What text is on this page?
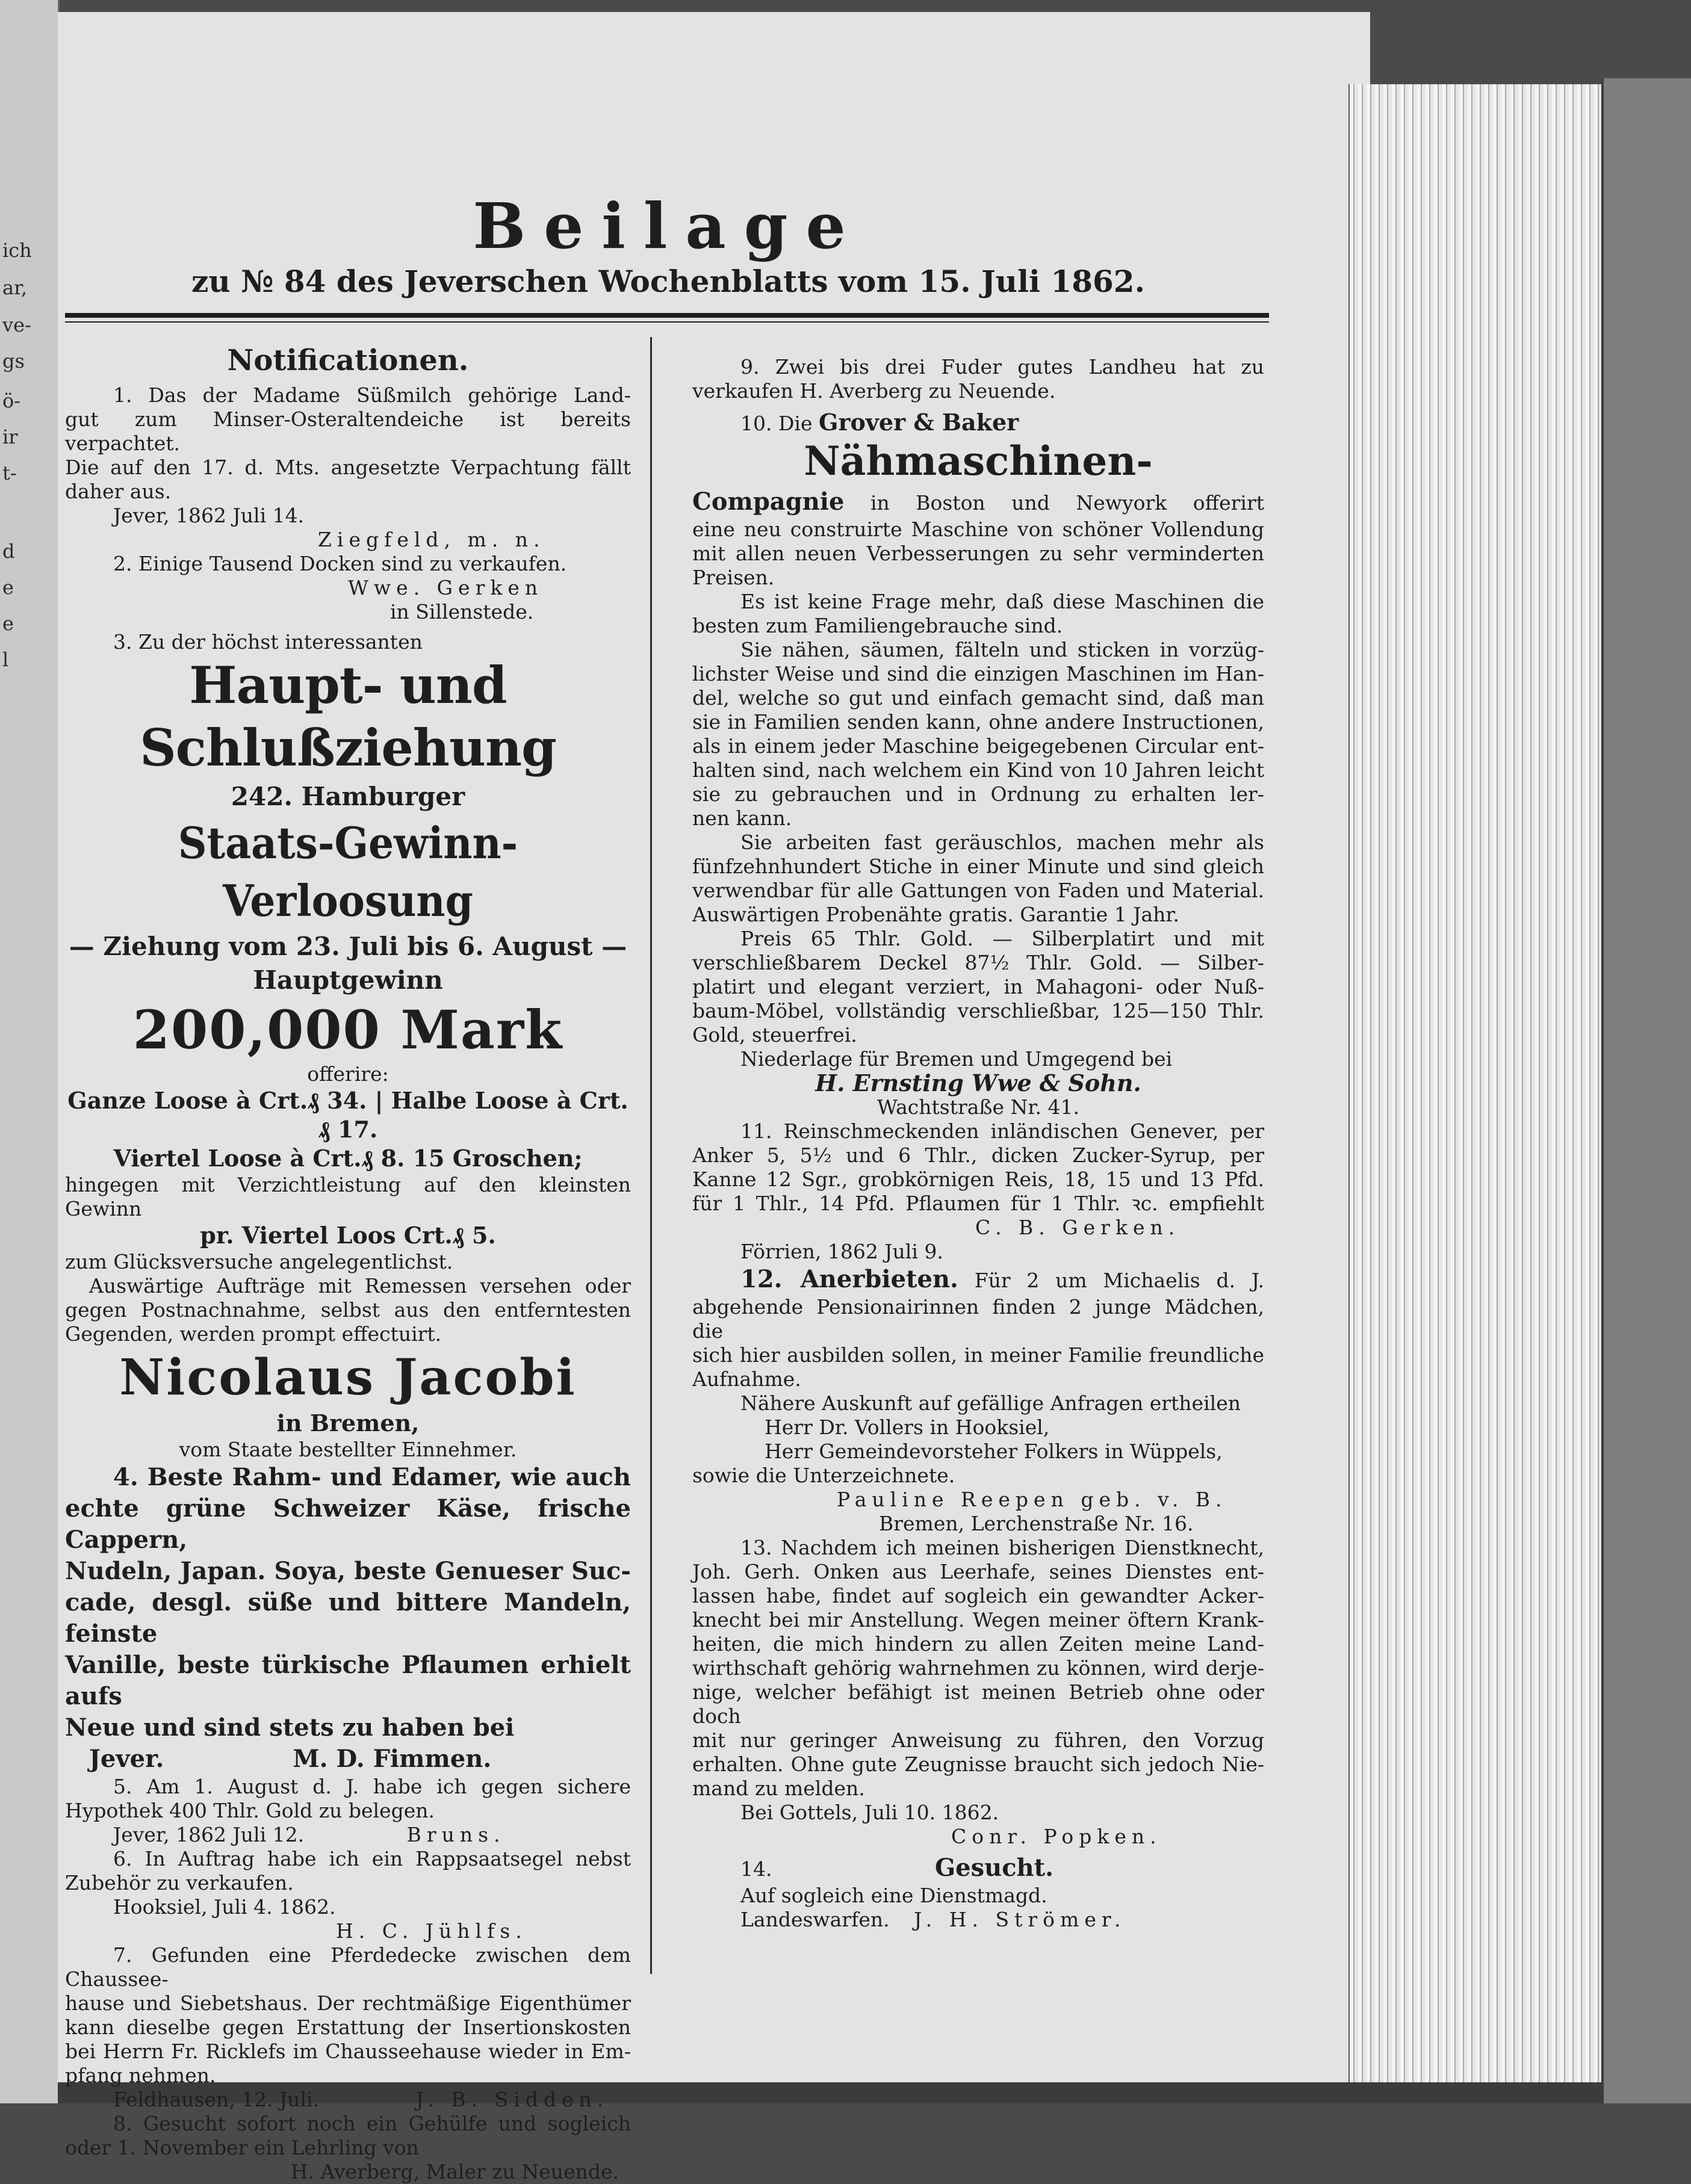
ich
ar,
ve-
gs
ö-
ir
t-
d
e
e
l
Beilage
zu № 84 des Jeverschen Wochenblatts vom 15. Juli 1862.

Notificationen.

1. Das der Madame Süßmilch gehörige Land-

gut zum Minser-Osteraltendeiche ist bereits verpachtet.

Die auf den 17. d. Mts. angesetzte Verpachtung fällt

daher aus.

Jever, 1862 Juli 14.

Ziegfeld, m. n.

2. Einige Tausend Docken sind zu verkaufen.

Wwe. Gerken

in Sillenstede.

3. Zu der höchst interessanten

Haupt- und Schlußziehung

242. Hamburger

Staats-Gewinn-Verloosung

— Ziehung vom 23. Juli bis 6. August —

Hauptgewinn

200,000 Mark

offerire:

Ganze Loose à Crt.₰ 34. | Halbe Loose à Crt.₰ 17.

Viertel Loose à Crt.₰ 8. 15 Groschen;

hingegen mit Verzichtleistung auf den kleinsten Gewinn

pr. Viertel Loos Crt.₰ 5.

zum Glücksversuche angelegentlichst.

Auswärtige Aufträge mit Remessen versehen oder

gegen Postnachnahme, selbst aus den entferntesten

Gegenden, werden prompt effectuirt.

Nicolaus Jacobi

in Bremen,

vom Staate bestellter Einnehmer.

4. Beste Rahm- und Edamer, wie auch

echte grüne Schweizer Käse, frische Cappern,

Nudeln, Japan. Soya, beste Genueser Suc-

cade, desgl. süße und bittere Mandeln, feinste

Vanille, beste türkische Pflaumen erhielt aufs

Neue und sind stets zu haben bei

Jever.	M. D. Fimmen.

5. Am 1. August d. J. habe ich gegen sichere

Hypothek 400 Thlr. Gold zu belegen.

Jever, 1862 Juli 12.	Bruns.

6. In Auftrag habe ich ein Rappsaatsegel nebst

Zubehör zu verkaufen.

Hooksiel, Juli 4. 1862.

H. C. Jühlfs.

7. Gefunden eine Pferdedecke zwischen dem Chaussee-

hause und Siebetshaus. Der rechtmäßige Eigenthümer

kann dieselbe gegen Erstattung der Insertionskosten

bei Herrn Fr. Ricklefs im Chausseehause wieder in Em-

pfang nehmen.

Feldhausen, 12. Juli.	J. B. Sidden.

8. Gesucht sofort noch ein Gehülfe und sogleich

oder 1. November ein Lehrling von

H. Averberg, Maler zu Neuende.

9. Zwei bis drei Fuder gutes Landheu hat zu

verkaufen H. Averberg zu Neuende.

10. Die Grover & Baker

Nähmaschinen-

Compagnie in Boston und Newyork offerirt

eine neu construirte Maschine von schöner Vollendung

mit allen neuen Verbesserungen zu sehr verminderten

Preisen.

Es ist keine Frage mehr, daß diese Maschinen die

besten zum Familiengebrauche sind.

Sie nähen, säumen, fälteln und sticken in vorzüg-

lichster Weise und sind die einzigen Maschinen im Han-

del, welche so gut und einfach gemacht sind, daß man

sie in Familien senden kann, ohne andere Instructionen,

als in einem jeder Maschine beigegebenen Circular ent-

halten sind, nach welchem ein Kind von 10 Jahren leicht

sie zu gebrauchen und in Ordnung zu erhalten ler-

nen kann.

Sie arbeiten fast geräuschlos, machen mehr als

fünfzehnhundert Stiche in einer Minute und sind gleich

verwendbar für alle Gattungen von Faden und Material.

Auswärtigen Probenähte gratis. Garantie 1 Jahr.

Preis 65 Thlr. Gold. — Silberplatirt und mit

verschließbarem Deckel 87½ Thlr. Gold. — Silber-

platirt und elegant verziert, in Mahagoni- oder Nuß-

baum-Möbel, vollständig verschließbar, 125—150 Thlr.

Gold, steuerfrei.

Niederlage für Bremen und Umgegend bei

H. Ernsting Wwe & Sohn.

Wachtstraße Nr. 41.

11. Reinschmeckenden inländischen Genever, per

Anker 5, 5½ und 6 Thlr., dicken Zucker-Syrup, per

Kanne 12 Sgr., grobkörnigen Reis, 18, 15 und 13 Pfd.

für 1 Thlr., 14 Pfd. Pflaumen für 1 Thlr. ꝛc. empfiehlt

C. B. Gerken.

Förrien, 1862 Juli 9.

12. Anerbieten. Für 2 um Michaelis d. J.

abgehende Pensionairinnen finden 2 junge Mädchen, die

sich hier ausbilden sollen, in meiner Familie freundliche

Aufnahme.

Nähere Auskunft auf gefällige Anfragen ertheilen

Herr Dr. Vollers in Hooksiel,

Herr Gemeindevorsteher Folkers in Wüppels,

sowie die Unterzeichnete.

Pauline Reepen geb. v. B.

Bremen, Lerchenstraße Nr. 16.

13. Nachdem ich meinen bisherigen Dienstknecht,

Joh. Gerh. Onken aus Leerhafe, seines Dienstes ent-

lassen habe, findet auf sogleich ein gewandter Acker-

knecht bei mir Anstellung. Wegen meiner öftern Krank-

heiten, die mich hindern zu allen Zeiten meine Land-

wirthschaft gehörig wahrnehmen zu können, wird derje-

nige, welcher befähigt ist meinen Betrieb ohne oder doch

mit nur geringer Anweisung zu führen, den Vorzug

erhalten. Ohne gute Zeugnisse braucht sich jedoch Nie-

mand zu melden.

Bei Gottels, Juli 10. 1862.

Conr. Popken.

14.	Gesucht.

Auf sogleich eine Dienstmagd.

Landeswarfen. J. H. Strömer.
